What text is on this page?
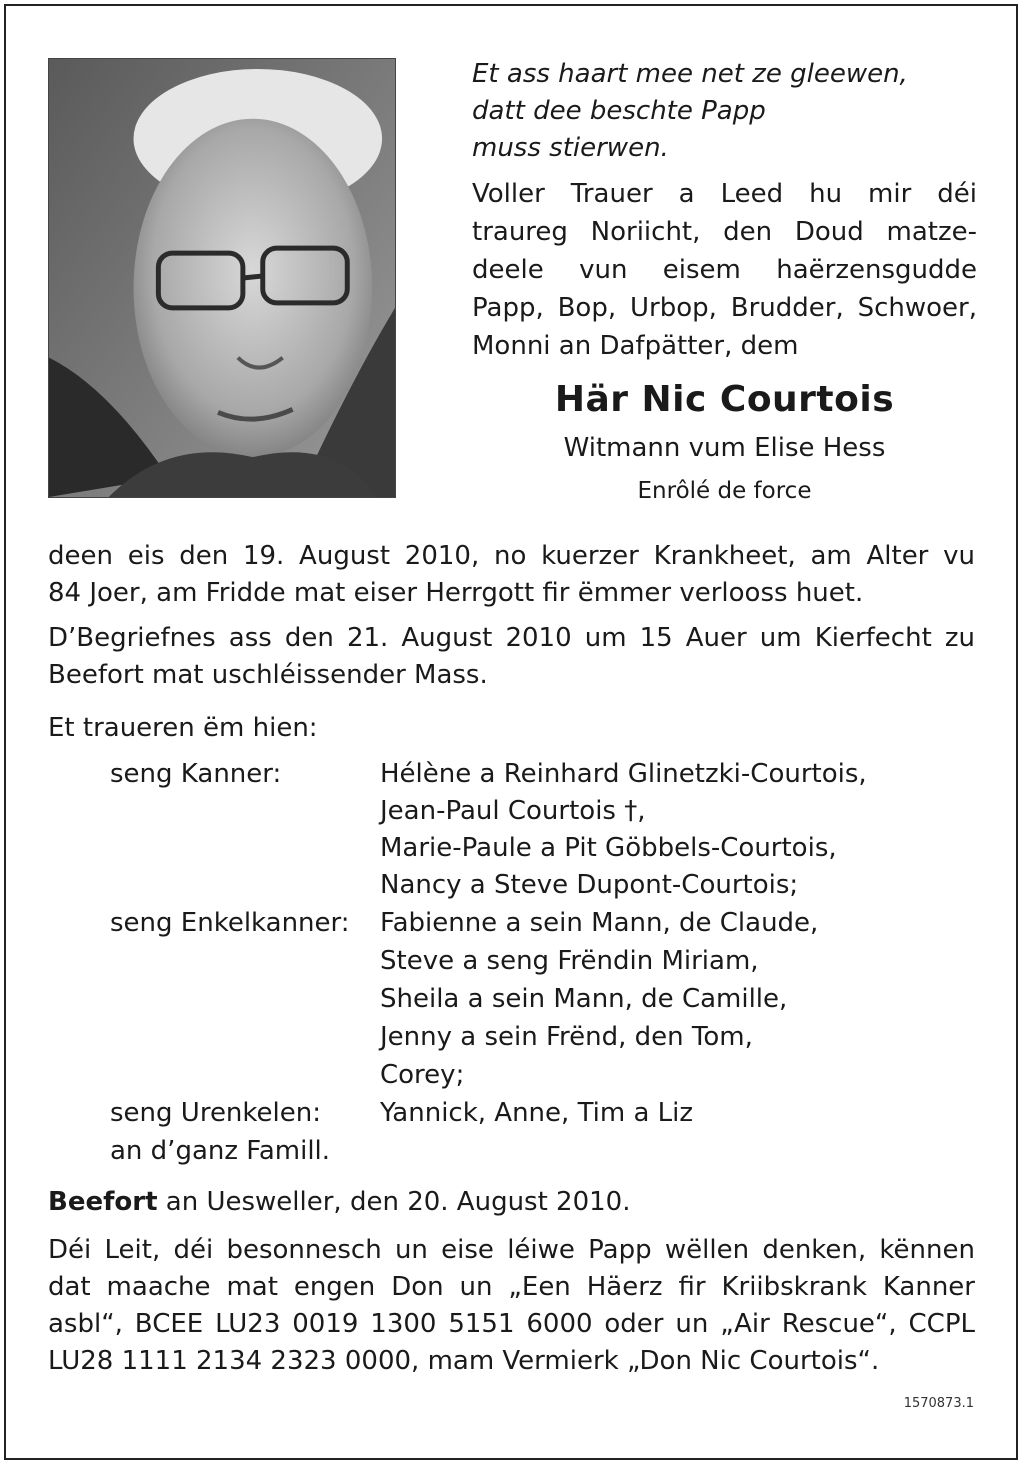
Et ass haart mee net ze gleewen,
datt dee beschte Papp
muss stierwen.
Voller Trauer a Leed hu mir déi
traureg Noriicht, den Doud matze-
deele vun eisem haërzensgudde
Papp, Bop, Urbop, Brudder, Schwoer,
Monni an Dafpätter, dem
Här Nic Courtois
Witmann vum Elise Hess
Enrôlé de force
deen eis den 19. August 2010, no kuerzer Krankheet, am Alter vu
84 Joer, am Fridde mat eiser Herrgott fir ëmmer verlooss huet.
D’Begriefnes ass den 21. August 2010 um 15 Auer um Kierfecht zu
Beefort mat uschléissender Mass.
Et traueren ëm hien:
seng Kanner:	Hélène a Reinhard Glinetzki-Courtois,
Jean-Paul Courtois †,
Marie-Paule a Pit Göbbels-Courtois,
Nancy a Steve Dupont-Courtois;
seng Enkelkanner: Fabienne a sein Mann, de Claude,
Steve a seng Frëndin Miriam,
Sheila a sein Mann, de Camille,
Jenny a sein Frënd, den Tom,
Corey;
seng Urenkelen: Yannick, Anne, Tim a Liz
an d’ganz Famill.
Beefort an Uesweller, den 20. August 2010.
Déi Leit, déi besonnesch un eise léiwe Papp wëllen denken, kënnen
dat maache mat engen Don un „Een Häerz fir Kriibskrank Kanner
asbl“, BCEE LU23 0019 1300 5151 6000 oder un „Air Rescue“, CCPL
LU28 1111 2134 2323 0000, mam Vermierk „Don Nic Courtois“.
1570873.1
